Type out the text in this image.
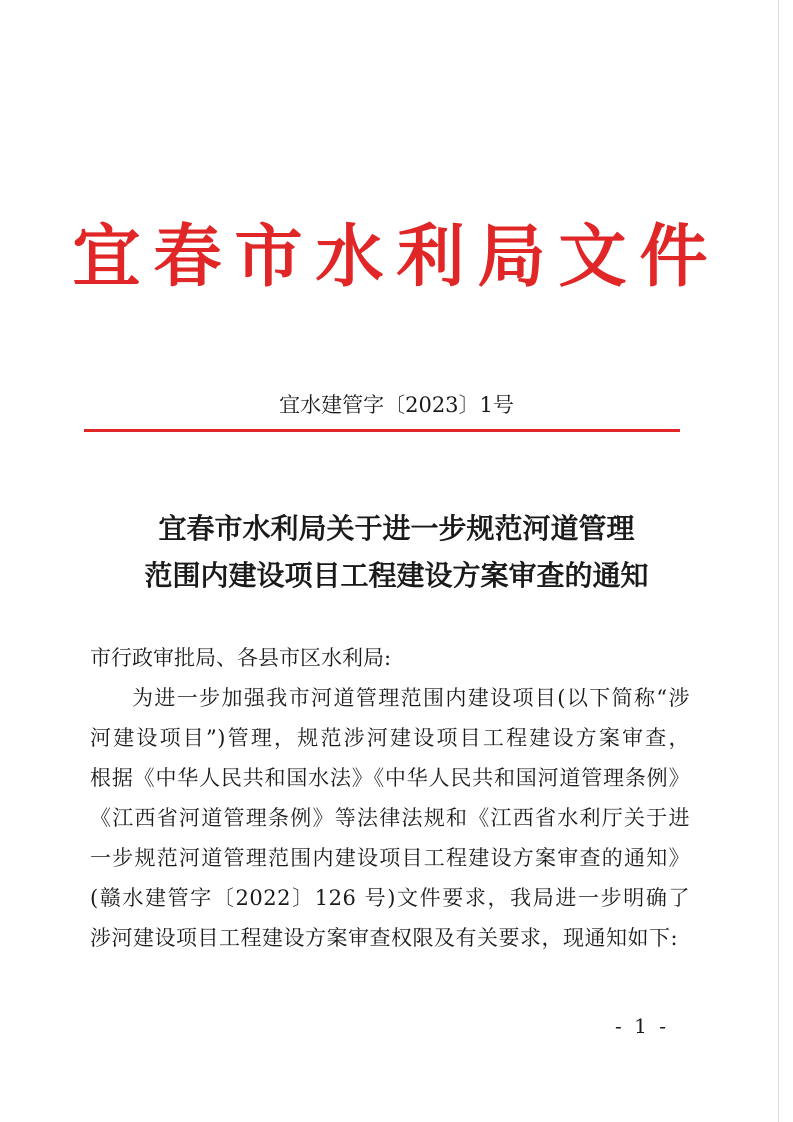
宜春市水利局文件
宜水建管字〔2023〕1号
宜春市水利局关于进一步规范河道管理
范围内建设项目工程建设方案审查的通知
市行政审批局、各县市区水利局:
为进一步加强我市河道管理范围内建设项目(以下简称“涉
河建设项目”)管理，规范涉河建设项目工程建设方案审查，
根据《中华人民共和国水法》《中华人民共和国河道管理条例》
《江西省河道管理条例》等法律法规和《江西省水利厅关于进
一步规范河道管理范围内建设项目工程建设方案审查的通知》
(赣水建管字〔2022〕126 号)文件要求，我局进一步明确了
涉河建设项目工程建设方案审查权限及有关要求，现通知如下:
- 1 -
